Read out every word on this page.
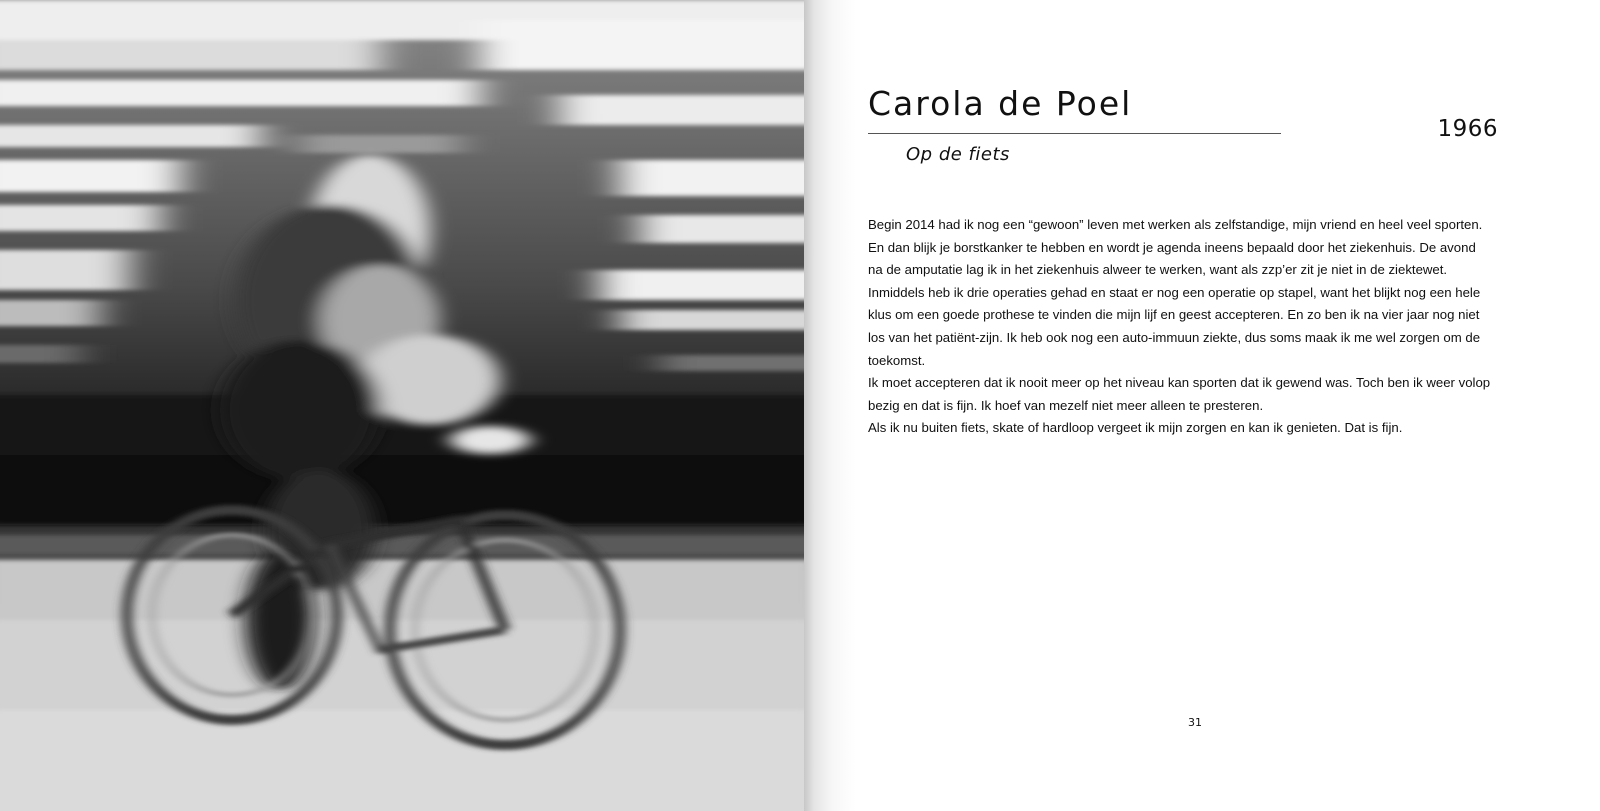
Carola de Poel
Op de fiets
1966

Begin 2014 had ik nog een “gewoon” leven met werken als zelfstandige, mijn vriend en heel veel sporten. En dan blijk je borstkanker te hebben en wordt je agenda ineens bepaald door het ziekenhuis. De avond na de amputatie lag ik in het ziekenhuis alweer te werken, want als zzp’er zit je niet in de ziektewet.

Inmiddels heb ik drie operaties gehad en staat er nog een operatie op stapel, want het blijkt nog een hele klus om een goede prothese te vinden die mijn lijf en geest accepteren. En zo ben ik na vier jaar nog niet los van het patiënt-zijn. Ik heb ook nog een auto-immuun ziekte, dus soms maak ik me wel zorgen om de toekomst.

Ik moet accepteren dat ik nooit meer op het niveau kan sporten dat ik gewend was. Toch ben ik weer volop bezig en dat is fijn. Ik hoef van mezelf niet meer alleen te presteren.

Als ik nu buiten fiets, skate of hardloop vergeet ik mijn zorgen en kan ik genieten. Dat is fijn.

31
